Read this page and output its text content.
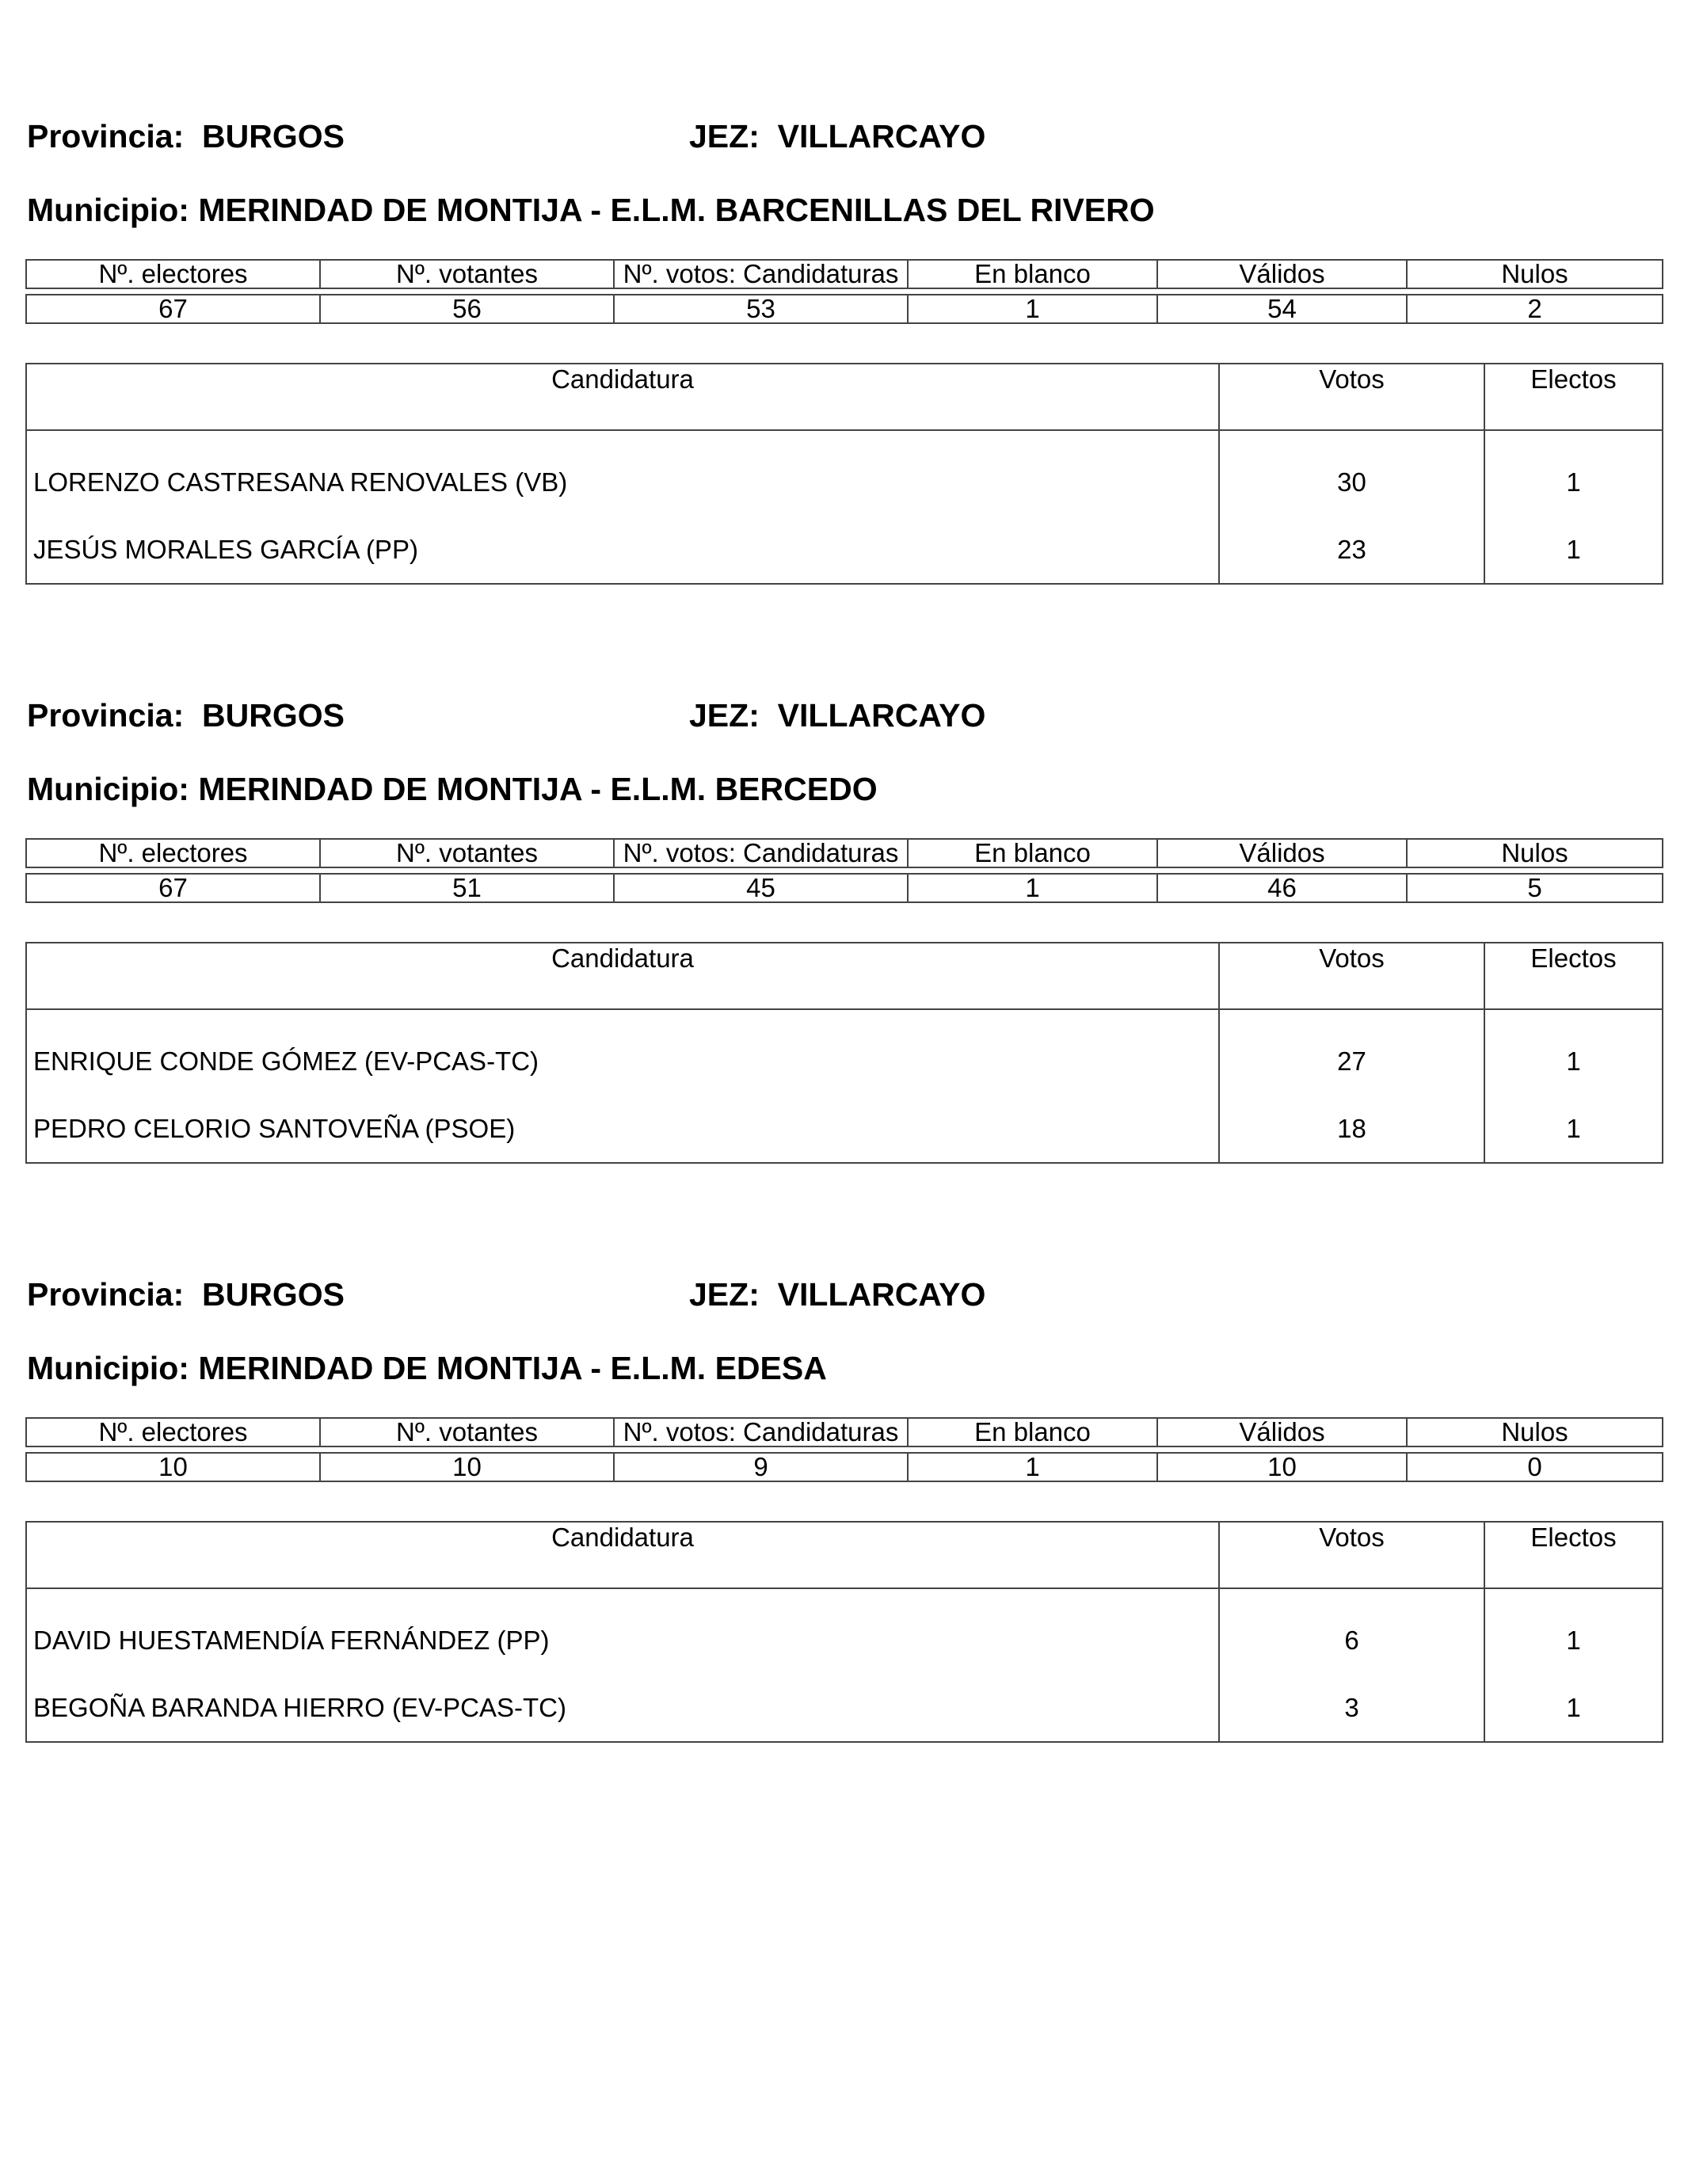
Provincia: BURGOS	JEZ: VILLARCAYO
Municipio: MERINDAD DE MONTIJA - E.L.M. BARCENILLAS DEL RIVERO
Nº. electores	Nº. votantes	Nº. votos: Candidaturas	En blanco	Válidos	Nulos

67	56	53	1	54	2
Candidatura	Votos	Electos

LORENZO CASTRESANA RENOVALES (VB)	30	1
JESÚS MORALES GARCÍA (PP)	23	1
Provincia: BURGOS	JEZ: VILLARCAYO
Municipio: MERINDAD DE MONTIJA - E.L.M. BERCEDO
Nº. electores	Nº. votantes	Nº. votos: Candidaturas	En blanco	Válidos	Nulos

67	51	45	1	46	5
Candidatura	Votos	Electos

ENRIQUE CONDE GÓMEZ (EV-PCAS-TC)	27	1
PEDRO CELORIO SANTOVEÑA (PSOE)	18	1
Provincia: BURGOS	JEZ: VILLARCAYO
Municipio: MERINDAD DE MONTIJA - E.L.M. EDESA
Nº. electores	Nº. votantes	Nº. votos: Candidaturas	En blanco	Válidos	Nulos

10	10	9	1	10	0
Candidatura	Votos	Electos

DAVID HUESTAMENDÍA FERNÁNDEZ (PP)	6	1
BEGOÑA BARANDA HIERRO (EV-PCAS-TC)	3	1
